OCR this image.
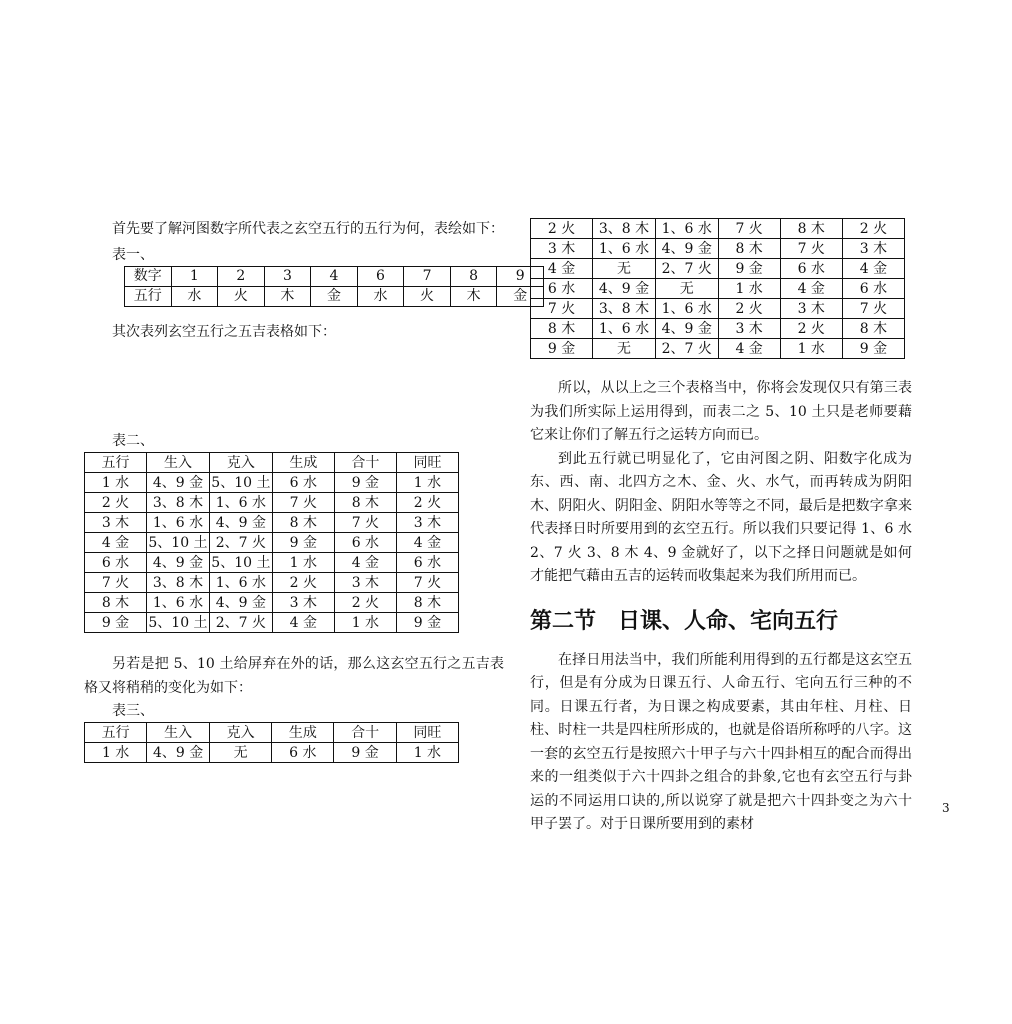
首先要了解河图数字所代表之玄空五行的五行为何，表绘如下：

表一、
数字	1	2	3	4	6	7	8	9
五行	水	火	木	金	水	火	木	金

其次表列玄空五行之五吉表格如下：

表二、
五行	生入	克入	生成	合十	同旺
1 水	4、9 金	5、10 土	6 水	9 金	1 水
2 火	3、8 木	1、6 水	7 火	8 木	2 火
3 木	1、6 水	4、9 金	8 木	7 火	3 木
4 金	5、10 土	2、7 火	9 金	6 水	4 金
6 水	4、9 金	5、10 土	1 水	4 金	6 水
7 火	3、8 木	1、6 水	2 火	3 木	7 火
8 木	1、6 水	4、9 金	3 木	2 火	8 木
9 金	5、10 土	2、7 火	4 金	1 水	9 金

另若是把 5、10 土给屏弃在外的话，那么这玄空五行之五吉表格又将稍稍的变化为如下：

表三、
五行	生入	克入	生成	合十	同旺
1 水	4、9 金	无	6 水	9 金	1 水
2 火	3、8 木	1、6 水	7 火	8 木	2 火
3 木	1、6 水	4、9 金	8 木	7 火	3 木
4 金	无	2、7 火	9 金	6 水	4 金
6 水	4、9 金	无	1 水	4 金	6 水
7 火	3、8 木	1、6 水	2 火	3 木	7 火
8 木	1、6 水	4、9 金	3 木	2 火	8 木
9 金	无	2、7 火	4 金	1 水	9 金

所以，从以上之三个表格当中，你将会发现仅只有第三表为我们所实际上运用得到，而表二之 5、10 土只是老师要藉它来让你们了解五行之运转方向而已。

到此五行就已明显化了，它由河图之阴、阳数字化成为东、西、南、北四方之木、金、火、水气，而再转成为阴阳木、阴阳火、阴阳金、阴阳水等等之不同，最后是把数字拿来代表择日时所要用到的玄空五行。所以我们只要记得 1、6 水 2、7 火 3、8 木 4、9 金就好了，以下之择日问题就是如何才能把气藉由五吉的运转而收集起来为我们所用而已。

第二节　日课、人命、宅向五行

在择日用法当中，我们所能利用得到的五行都是这玄空五行，但是有分成为日课五行、人命五行、宅向五行三种的不同。日课五行者，为日课之构成要素，其由年柱、月柱、日柱、时柱一共是四柱所形成的，也就是俗语所称呼的八字。这一套的玄空五行是按照六十甲子与六十四卦相互的配合而得出来的一组类似于六十四卦之组合的卦象,它也有玄空五行与卦运的不同运用口诀的,所以说穿了就是把六十四卦变之为六十甲子罢了。对于日课所要用到的素材

3
